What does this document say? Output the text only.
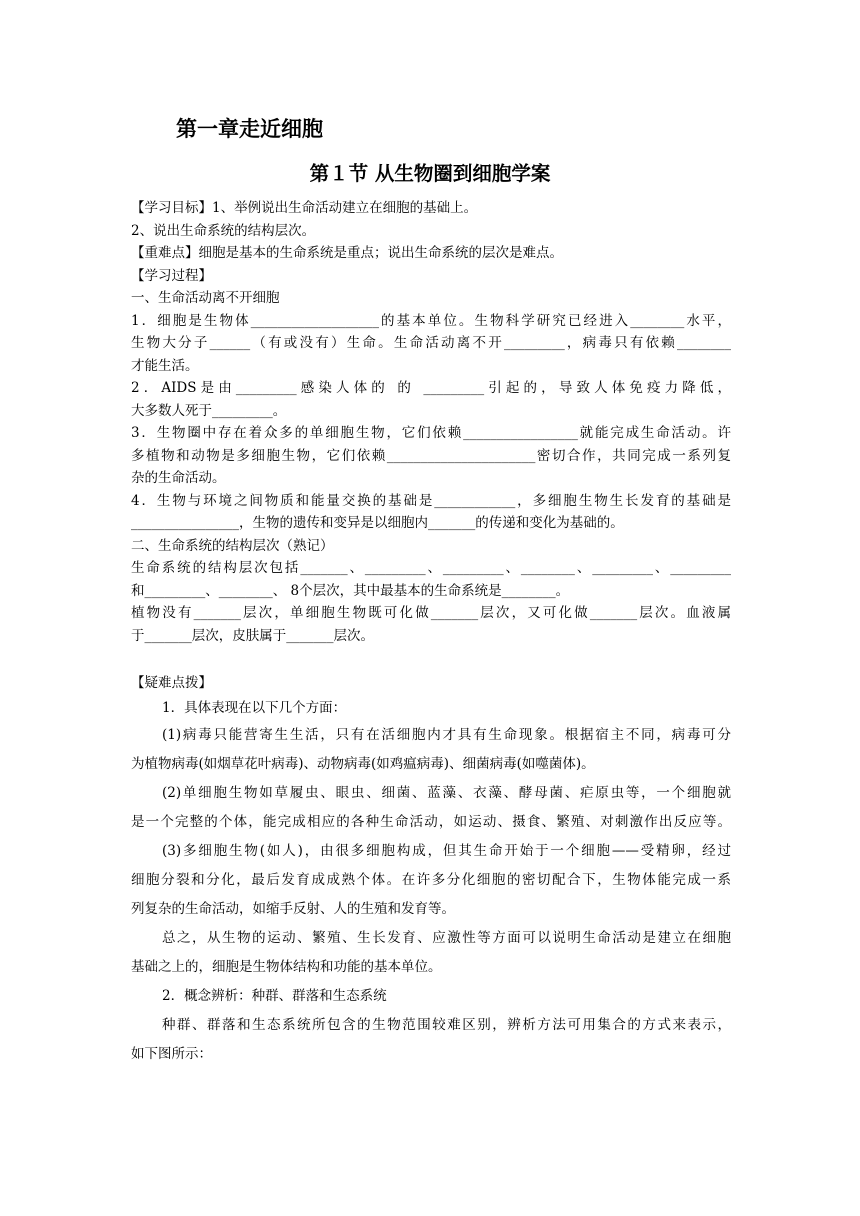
第一章走近细胞
第１节 从生物圈到细胞学案
【学习目标】1、举例说出生命活动建立在细胞的基础上。
2、说出生命系统的结构层次。
【重难点】细胞是基本的生命系统是重点；说出生命系统的层次是难点。
【学习过程】
一、生命活动离不开细胞
1．细胞是生物体___________________的基本单位。生物科学研究已经进入________水平，
生物大分子______（有或没有）生命。生命活动离不开_________，病毒只有依赖________
才能生活。
2．AIDS是由_________感染人体的 的 _________引起的，导致人体免疫力降低，
大多数人死于_________。
3．生物圈中存在着众多的单细胞生物，它们依赖_________________就能完成生命活动。许
多植物和动物是多细胞生物，它们依赖______________________密切合作，共同完成一系列复
杂的生命活动。
4．生物与环境之间物质和能量交换的基础是____________，多细胞生物生长发育的基础是
________________，生物的遗传和变异是以细胞内_______的传递和变化为基础的。
二、生命系统的结构层次（熟记）
生命系统的结构层次包括_______、_________、_________、________、_________、_________
和_________、________、 8个层次，其中最基本的生命系统是________。
植物没有_______层次，单细胞生物既可化做_______层次，又可化做_______层次。血液属
于_______层次，皮肤属于_______层次。
【疑难点拨】
1．具体表现在以下几个方面：
(1)病毒只能营寄生生活，只有在活细胞内才具有生命现象。根据宿主不同，病毒可分
为植物病毒(如烟草花叶病毒)、动物病毒(如鸡瘟病毒)、细菌病毒(如噬菌体)。
(2)单细胞生物如草履虫、眼虫、细菌、蓝藻、衣藻、酵母菌、疟原虫等，一个细胞就
是一个完整的个体，能完成相应的各种生命活动，如运动、摄食、繁殖、对刺激作出反应等。
(3)多细胞生物(如人)，由很多细胞构成，但其生命开始于一个细胞——受精卵，经过
细胞分裂和分化，最后发育成成熟个体。在许多分化细胞的密切配合下，生物体能完成一系
列复杂的生命活动，如缩手反射、人的生殖和发育等。
总之，从生物的运动、繁殖、生长发育、应激性等方面可以说明生命活动是建立在细胞
基础之上的，细胞是生物体结构和功能的基本单位。
2．概念辨析：种群、群落和生态系统
种群、群落和生态系统所包含的生物范围较难区别，辨析方法可用集合的方式来表示，
如下图所示：
